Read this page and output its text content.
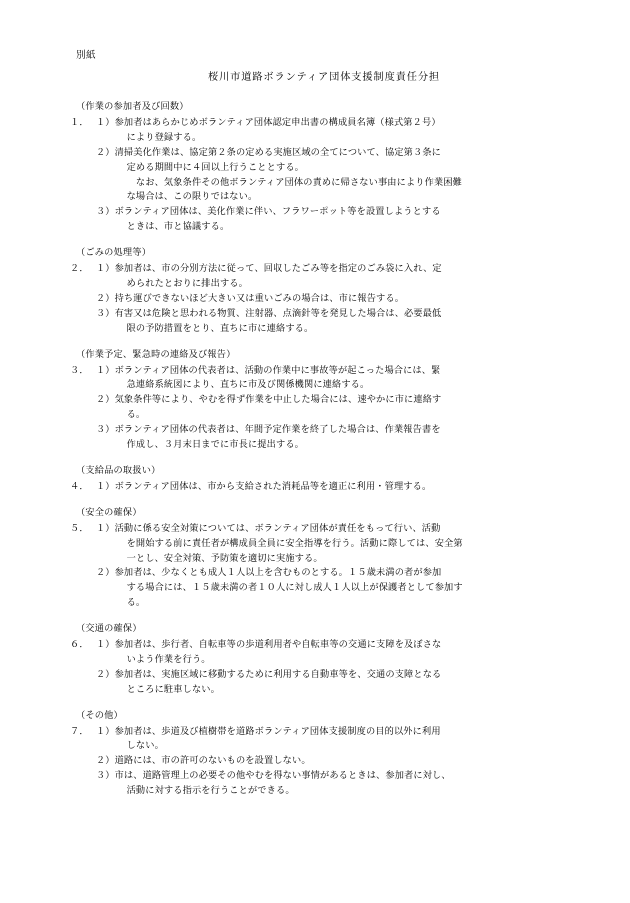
別紙
桜川市道路ボランティア団体支援制度責任分担
（作業の参加者及び回数）
１． １） 参加者はあらかじめボランティア団体認定申出書の構成員名簿（様式第２号）
により登録する。
２） 清掃美化作業は、協定第２条の定める実施区域の全てについて、協定第３条に
定める期間中に４回以上行うこととする。
　なお、気象条件その他ボランティア団体の責めに帰さない事由により作業困難
な場合は、この限りではない。
３） ボランティア団体は、美化作業に伴い、フラワーポット等を設置しようとする
ときは、市と協議する。
（ごみの処理等）
２． １） 参加者は、市の分別方法に従って、回収したごみ等を指定のごみ袋に入れ、定
められたとおりに排出する。
２） 持ち運びできないほど大きい又は重いごみの場合は、市に報告する。
３） 有害又は危険と思われる物質、注射器、点滴針等を発見した場合は、必要最低
限の予防措置をとり、直ちに市に連絡する。
（作業予定、緊急時の連絡及び報告）
３． １） ボランティア団体の代表者は、活動の作業中に事故等が起こった場合には、緊
急連絡系統図により、直ちに市及び関係機関に連絡する。
２） 気象条件等により、やむを得ず作業を中止した場合には、速やかに市に連絡す
る。
３） ボランティア団体の代表者は、年間予定作業を終了した場合は、作業報告書を
作成し、３月末日までに市長に提出する。
（支給品の取扱い）
４． １） ボランティア団体は、市から支給された消耗品等を適正に利用・管理する。
（安全の確保）
５． １） 活動に係る安全対策については、ボランティア団体が責任をもって行い、活動
を開始する前に責任者が構成員全員に安全指導を行う。活動に際しては、安全第
一とし、安全対策、予防策を適切に実施する。
２） 参加者は、少なくとも成人１人以上を含むものとする。１５歳未満の者が参加
する場合には、１５歳未満の者１０人に対し成人１人以上が保護者として参加す
る。
（交通の確保）
６． １） 参加者は、歩行者、自転車等の歩道利用者や自転車等の交通に支障を及ぼさな
いよう作業を行う。
２） 参加者は、実施区域に移動するために利用する自動車等を、交通の支障となる
ところに駐車しない。
（その他）
７． １） 参加者は、歩道及び植樹帯を道路ボランティア団体支援制度の目的以外に利用
しない。
２） 道路には、市の許可のないものを設置しない。
３） 市は、道路管理上の必要その他やむを得ない事情があるときは、参加者に対し、
活動に対する指示を行うことができる。
